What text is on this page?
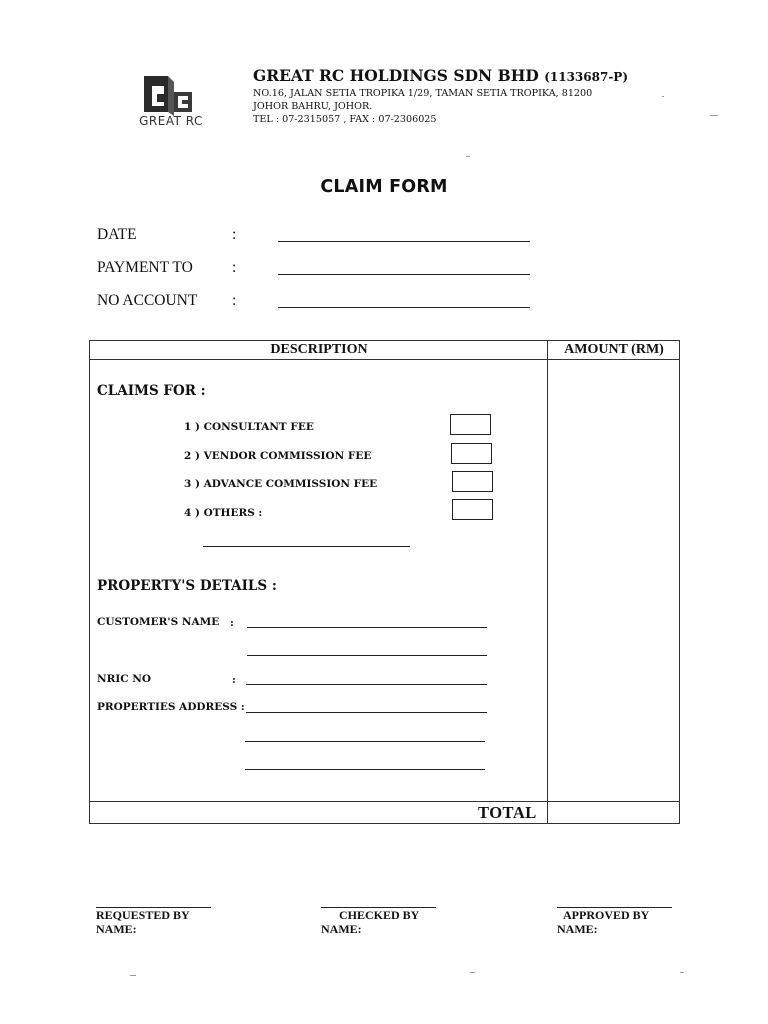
GREAT RC
GREAT RC HOLDINGS SDN BHD (1133687-P)
NO.16, JALAN SETIA TROPIKA 1/29, TAMAN SETIA TROPIKA, 81200
JOHOR BAHRU, JOHOR.
TEL : 07-2315057 , FAX : 07-2306025
CLAIM FORM
DATE	:
PAYMENT TO	:
NO ACCOUNT :
DESCRIPTION	AMOUNT (RM)
CLAIMS FOR :
1 ) CONSULTANT FEE
2 ) VENDOR COMMISSION FEE
3 ) ADVANCE COMMISSION FEE
4 ) OTHERS :
PROPERTY'S DETAILS :
CUSTOMER'S NAME :
NRIC NO	:
PROPERTIES ADDRESS :
TOTAL
REQUESTED BY
NAME:
CHECKED BY
NAME:
APPROVED BY
NAME:
